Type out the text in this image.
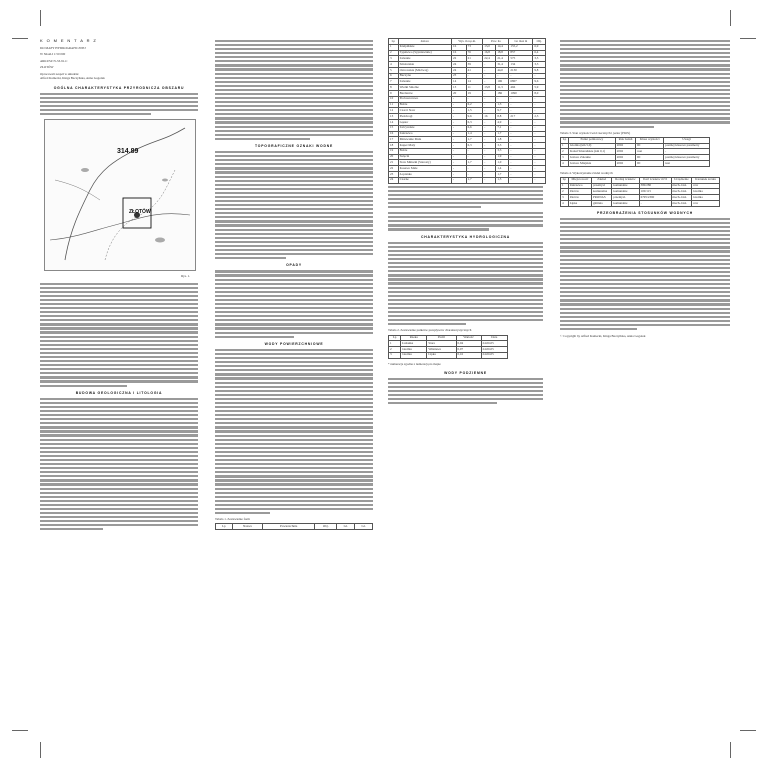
K O M E N T A R Z
DO MAPY HYDROGRAFICZNEJ
W SKALI 1:50 000
ARKUSZ N-33-91-C
ZŁOTÓW
Opracowali zespół w składzie:
Alfred Kamecki, Kinga Baczyńska, Anna Gogolek
OGÓLNA CHARAKTERYSTYKA PRZYRODNICZA OBSZARU
314.89
ZŁOTÓW
Rys. 1.
BUDOWA GEOLOGICZNA I LITOLOGIA
TOPOGRAFICZNE OZNAKI WODNE
OPADY
WODY POWIERZCHNIOWE
Tabela 1. Zestawienie form
Lp	Nazwa	Powierzchnia	Obj.	Gł.	Gł.
Lp	Jezioro	Wys. m n.p.m.		Pow. ha		Gł. max m	Obj.
1	Kiełpińskie	16	73	13,0	14,4	155,2	6,9
2	Sypniewo (Sypniewskie)	16	76	16,8	18,8	857	6,4
3	Zaleskie	22	21	22,4	21,4	575	3,5
4	Smolarskie	24	39	-	31,4	134	3,3
5	Ostrowskie (Mściwoj)	24	41	-	44,0	2130	9,8
6	Buczyna	23	-	-	-	-	-
7	Zaleskie	14	14	-	196	6807	9,6
8	Wielki Smolne	13	11	13,8	11,3	466	5,9
9	Berdanów	20	19	-	186	1090	8,0
10	Proboszczowo	-	-	-	-	-	-
11	Bobie	-	6,2	-	1,3	-	-
12	Czarci Staw	-	1,5	-	9,7	-	-
13	Pieścirogi	-	9,6	16	8,8	217	2,3
14	Gąsior	-	6,3	-	4,9	-	-
15	Zalcywskie	-	6,6	-	7,1	-	-
16	Zakrzewo	-	1,4	-	1,7	-	-
17	Mniewskie Małe	-	1,7	-	1,8	-	-
18	Kuper Mały	-	6,3	-	3,3	-	-
19	Bobie	-	-	-	3,3	-	-
20	Sulęcin	-	-	-	1,9	-	-
21	Staw Mniszki (Starosty)	-	1,7	-	1,0	-	-
22	Kosewo Małe	-	-	-	1,4	-	-
23	Łopienko	-	-	-	1,7	-	-
24	Czarne	-	1,7	-	1,5	-	-
CHARAKTERYSTYKA HYDROLOGICZNA
Tabela 2. Zestawienie punktów przepływów charakterystycznych
Lp	Rzeka	Profil	Wartość	Data
1	Łużanka	Stara	0,04	24.06.05
2	Głomia	Wiśniewa	0,07	24.06.05
3	Głomia	Lipka	0,16	24.06.05
* numeracja zgodna z numeracją na mapie
WODY PODZIEMNE
Tabela 3. Stan czystości wód rzecznych i jezior (PIOS)
Lp	Punkt pomiarowy	Rok badań	Klasa czystości	Uwagi
1	Głomia (km 5,0)	2002	III	poniżej klasowe parametry
2	Kanał Smarańskie (km 0,1)	2002	non	-
3	Jezioro Zaleskie	2002	III	poniżej klasowe parametry
4	Jezioro Miejskie	2002	III	non
Tabela 4. Wykorzystanie źródeł wodnych
Lp	Miejscowość	Zakład	Rodzaj ścieków	Ilość ścieków m³/d	Urządzenie	Kierunek zrzutu
1	Zakrzewo	przemysł	komunalne	380/280	mech.-biol.	rów
2	Złotów	komunalna	komunalne	100/115	mech.-biol.	Głomia
3	Złotów	PRONAS	przemysł.	6795/2390	mech.-biol.	Głomia
4	Lipka	gminna	komunalne	-	mech.-biol.	rów
PRZEOBRAŻENIA STOSUNKÓW WODNYCH
© Copyright by Alfred Kamecki, Kinga Baczyńska, Anna Gogolek
